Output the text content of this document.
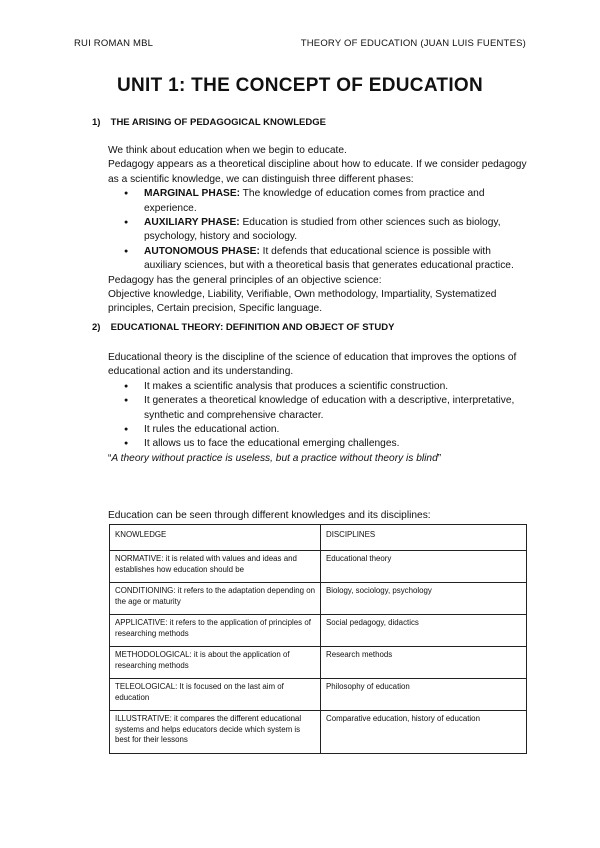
RUI ROMAN MBL	THEORY OF EDUCATION (JUAN LUIS FUENTES)
UNIT 1: THE CONCEPT OF EDUCATION
1) THE ARISING OF PEDAGOGICAL KNOWLEDGE

We think about education when we begin to educate.

Pedagogy appears as a theoretical discipline about how to educate. If we consider pedagogy as a scientific knowledge, we can distinguish three different phases:

● MARGINAL PHASE: The knowledge of education comes from practice and experience.
● AUXILIARY PHASE: Education is studied from other sciences such as biology, psychology, history and sociology.
● AUTONOMOUS PHASE: It defends that educational science is possible with auxiliary sciences, but with a theoretical basis that generates educational practice.

Pedagogy has the general principles of an objective science:

Objective knowledge, Liability, Verifiable, Own methodology, Impartiality, Systematized principles, Certain precision, Specific language.

2) EDUCATIONAL THEORY: DEFINITION AND OBJECT OF STUDY

Educational theory is the discipline of the science of education that improves the options of educational action and its understanding.

● It makes a scientific analysis that produces a scientific construction.
● It generates a theoretical knowledge of education with a descriptive, interpretative, synthetic and comprehensive character.
● It rules the educational action.
● It allows us to face the educational emerging challenges.

“A theory without practice is useless, but a practice without theory is blind”

Education can be seen through different knowledges and its disciplines:
KNOWLEDGE	DISCIPLINES
NORMATIVE: it is related with values and ideas and establishes how education should be	Educational theory
CONDITIONING: it refers to the adaptation depending on the age or maturity	Biology, sociology, psychology
APPLICATIVE: it refers to the application of principles of researching methods	Social pedagogy, didactics
METHODOLOGICAL: it is about the application of researching methods	Research methods
TELEOLOGICAL: It is focused on the last aim of education	Philosophy of education
ILLUSTRATIVE: it compares the different educational systems and helps educators decide which system is best for their lessons	Comparative education, history of education
